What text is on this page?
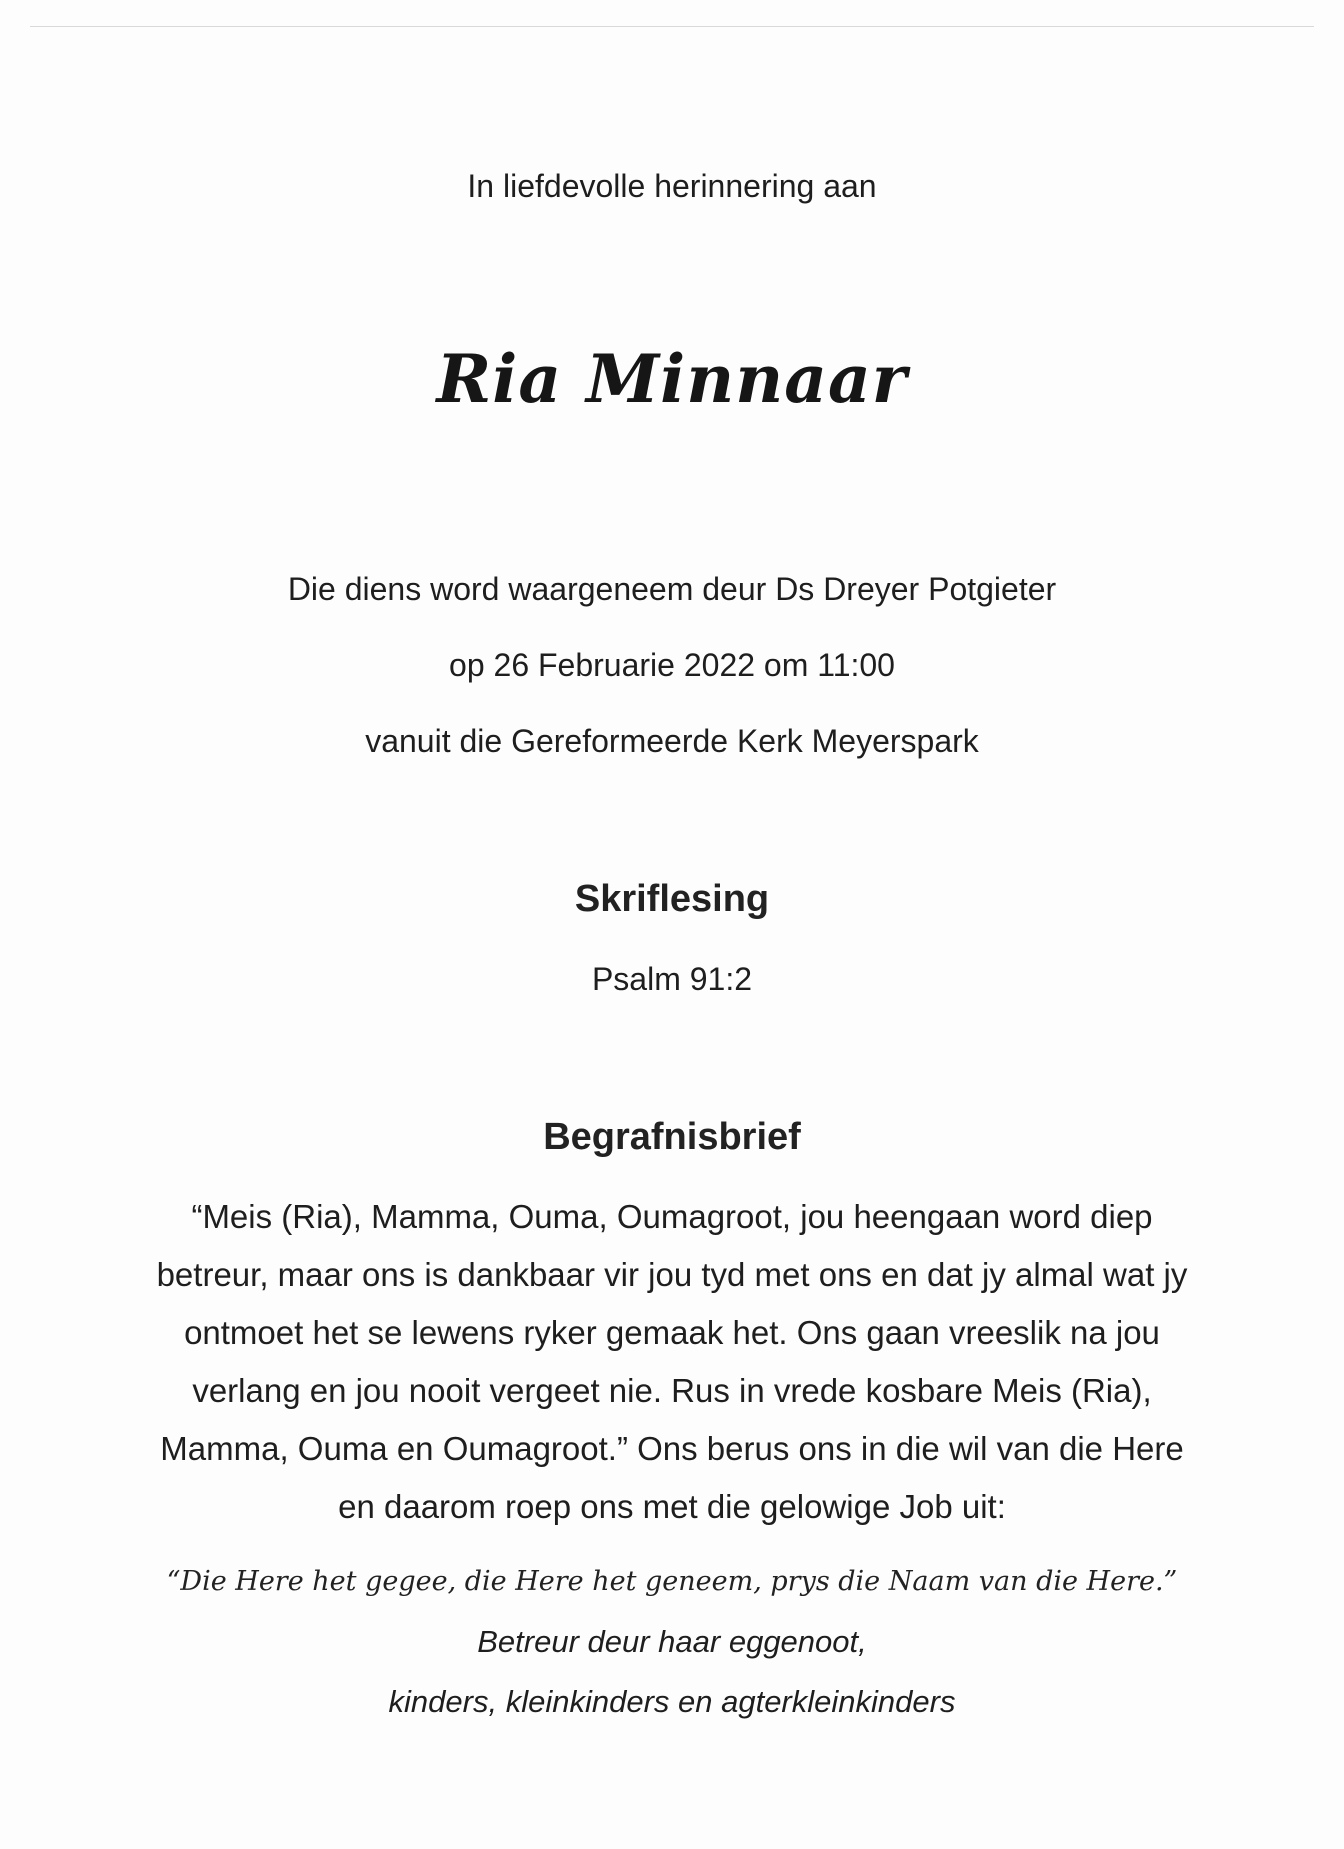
In liefdevolle herinnering aan
Ria Minnaar
Die diens word waargeneem deur Ds Dreyer Potgieter
op 26 Februarie 2022 om 11:00
vanuit die Gereformeerde Kerk Meyerspark
Skriflesing
Psalm 91:2
Begrafnisbrief
“Meis (Ria), Mamma, Ouma, Oumagroot, jou heengaan word diep
betreur, maar ons is dankbaar vir jou tyd met ons en dat jy almal wat jy
ontmoet het se lewens ryker gemaak het. Ons gaan vreeslik na jou
verlang en jou nooit vergeet nie. Rus in vrede kosbare Meis (Ria),
Mamma, Ouma en Oumagroot.” Ons berus ons in die wil van die Here
en daarom roep ons met die gelowige Job uit:
“Die Here het gegee, die Here het geneem, prys die Naam van die Here.”
Betreur deur haar eggenoot,
kinders, kleinkinders en agterkleinkinders
